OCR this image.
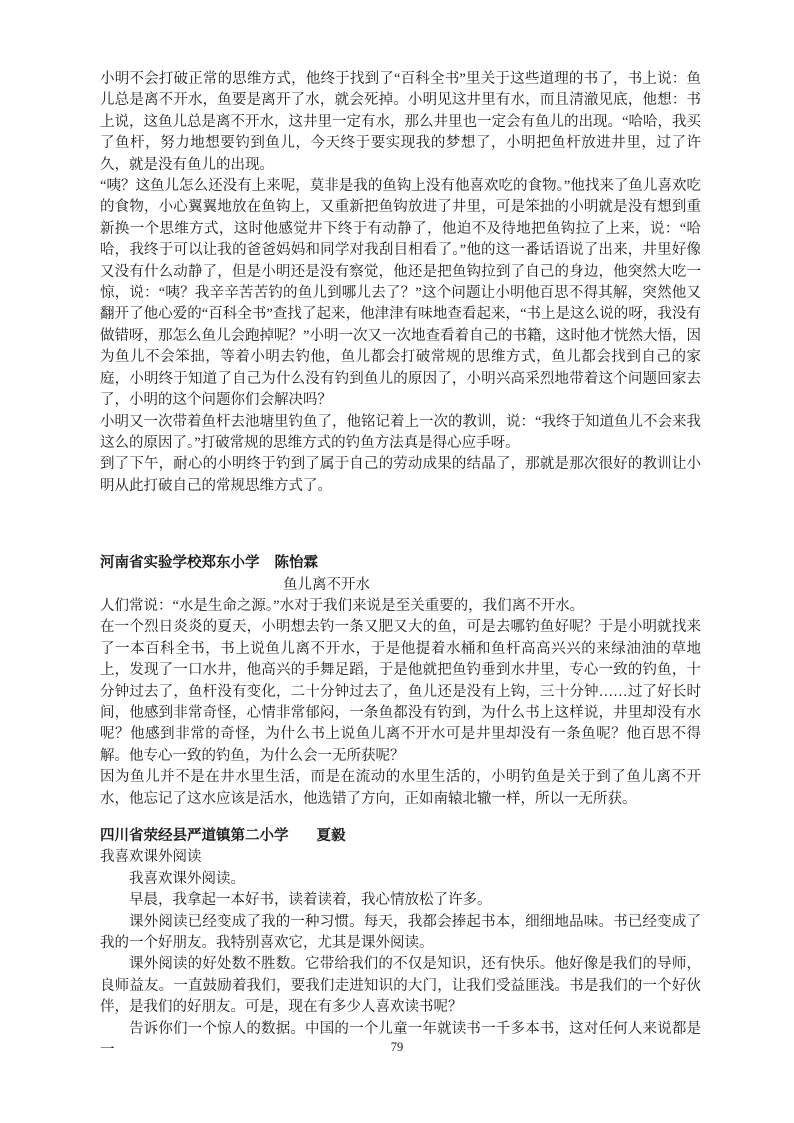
小明不会打破正常的思维方式，他终于找到了“百科全书”里关于这些道理的书了，书上说：鱼儿总是离不开水，鱼要是离开了水，就会死掉。小明见这井里有水，而且清澈见底，他想：书上说，这鱼儿总是离不开水，这井里一定有水，那么井里也一定会有鱼儿的出现。“哈哈，我买了鱼杆，努力地想要钓到鱼儿，今天终于要实现我的梦想了，小明把鱼杆放进井里，过了许久，就是没有鱼儿的出现。

“咦？这鱼儿怎么还没有上来呢，莫非是我的鱼钩上没有他喜欢吃的食物。”他找来了鱼儿喜欢吃的食物，小心翼翼地放在鱼钩上，又重新把鱼钩放进了井里，可是笨拙的小明就是没有想到重新换一个思维方式，这时他感觉井下终于有动静了，他迫不及待地把鱼钩拉了上来，说：“哈哈，我终于可以让我的爸爸妈妈和同学对我刮目相看了。”他的这一番话语说了出来，井里好像又没有什么动静了，但是小明还是没有察觉，他还是把鱼钩拉到了自己的身边，他突然大吃一惊，说：“咦？我辛辛苦苦钓的鱼儿到哪儿去了？”这个问题让小明他百思不得其解，突然他又翻开了他心爱的“百科全书”查找了起来，他津津有味地查看起来，“书上是这么说的呀，我没有做错呀，那怎么鱼儿会跑掉呢？”小明一次又一次地查看着自己的书籍，这时他才恍然大悟，因为鱼儿不会笨拙，等着小明去钓他，鱼儿都会打破常规的思维方式，鱼儿都会找到自己的家庭，小明终于知道了自己为什么没有钓到鱼儿的原因了，小明兴高采烈地带着这个问题回家去了，小明的这个问题你们会解决吗？

小明又一次带着鱼杆去池塘里钓鱼了，他铭记着上一次的教训，说：“我终于知道鱼儿不会来我这么的原因了。”打破常规的思维方式的钓鱼方法真是得心应手呀。

到了下午，耐心的小明终于钓到了属于自己的劳动成果的结晶了，那就是那次很好的教训让小明从此打破自己的常规思维方式了。

河南省实验学校郑东小学 陈怡霖

鱼儿离不开水

人们常说：“水是生命之源。”水对于我们来说是至关重要的，我们离不开水。

在一个烈日炎炎的夏天，小明想去钓一条又肥又大的鱼，可是去哪钓鱼好呢？于是小明就找来了一本百科全书，书上说鱼儿离不开水，于是他提着水桶和鱼杆高高兴兴的来绿油油的草地上，发现了一口水井，他高兴的手舞足蹈，于是他就把鱼钓垂到水井里，专心一致的钓鱼，十分钟过去了，鱼杆没有变化，二十分钟过去了，鱼儿还是没有上钩，三十分钟……过了好长时间，他感到非常奇怪，心情非常郁闷，一条鱼都没有钓到，为什么书上这样说，井里却没有水呢？他感到非常的奇怪，为什么书上说鱼儿离不开水可是井里却没有一条鱼呢？他百思不得解。他专心一致的钓鱼，为什么会一无所获呢？

因为鱼儿并不是在井水里生活，而是在流动的水里生活的，小明钓鱼是关于到了鱼儿离不开水，他忘记了这水应该是活水，他选错了方向，正如南辕北辙一样，所以一无所获。

四川省荥经县严道镇第二小学 夏毅

我喜欢课外阅读

我喜欢课外阅读。

早晨，我拿起一本好书，读着读着，我心情放松了许多。

课外阅读已经变成了我的一种习惯。每天，我都会捧起书本，细细地品味。书已经变成了我的一个好朋友。我特别喜欢它，尤其是课外阅读。

课外阅读的好处数不胜数。它带给我们的不仅是知识，还有快乐。他好像是我们的导师，良师益友。一直鼓励着我们，要我们走进知识的大门，让我们受益匪浅。书是我们的一个好伙伴，是我们的好朋友。可是，现在有多少人喜欢读书呢？

告诉你们一个惊人的数据。中国的一个儿童一年就读书一千多本书，这对任何人来说都是一	79
